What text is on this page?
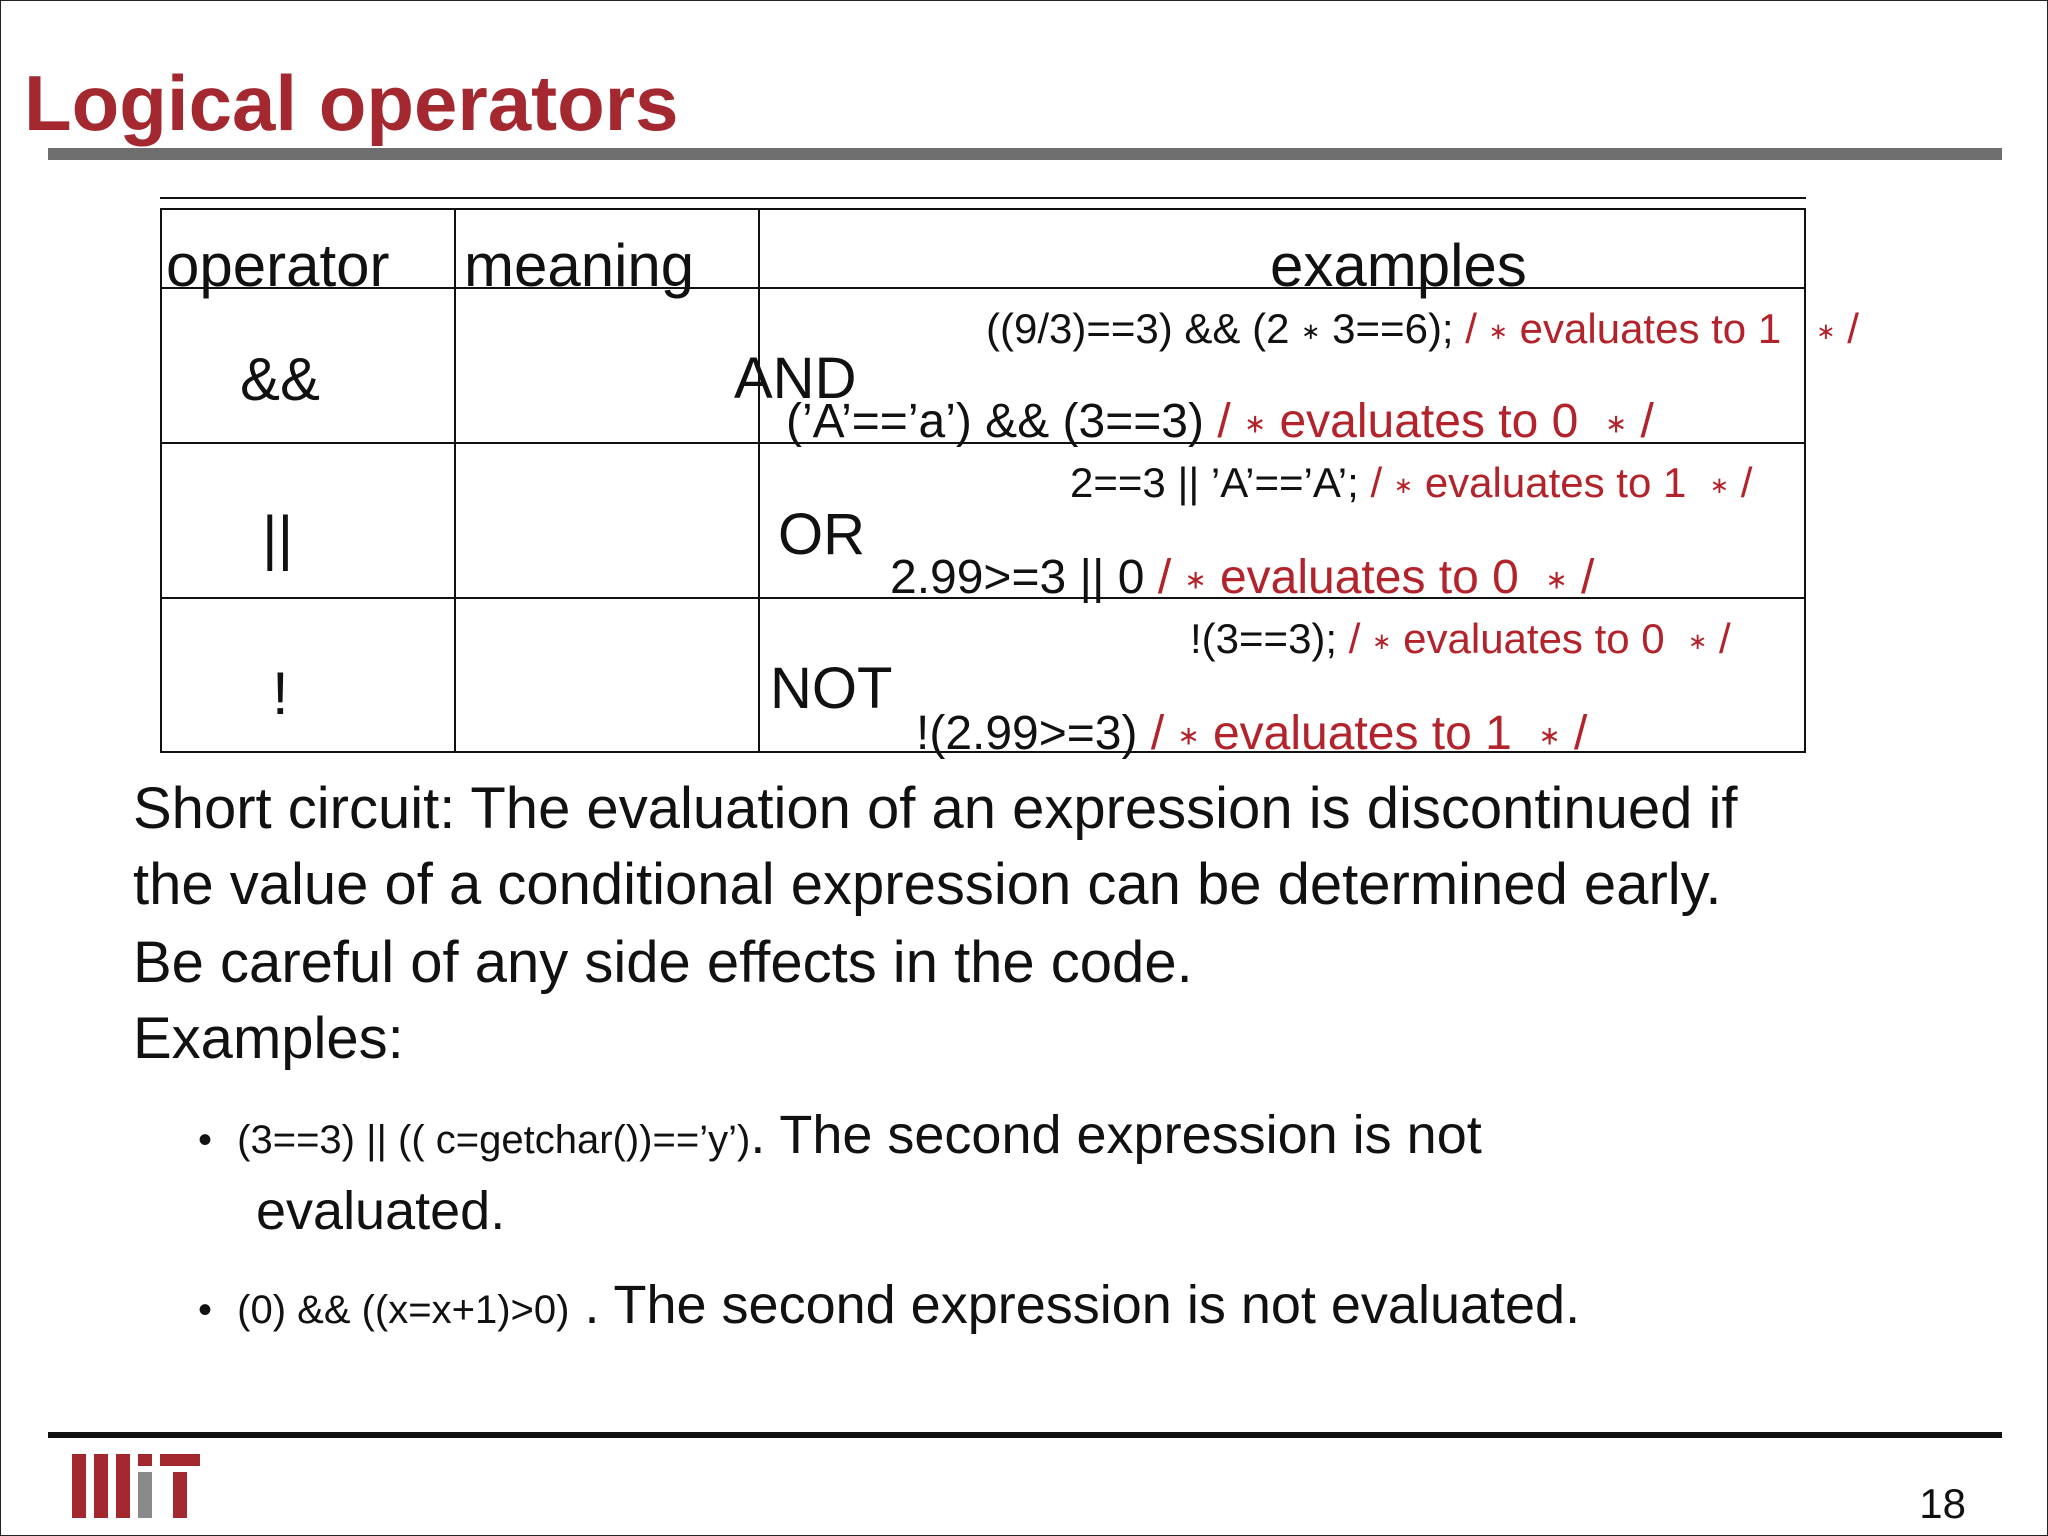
Logical operators
operator meaning	examples
&&	AND
((9/3)==3) && (2 ∗ 3==6); / ∗ evaluates to 1 ∗ /
(’A’==’a’) && (3==3) / ∗ evaluates to 0 ∗ /
||	OR
2==3 || ’A’==’A’; / ∗ evaluates to 1 ∗ /
2.99>=3 || 0 / ∗ evaluates to 0 ∗ /
!	NOT
!(3==3); / ∗ evaluates to 0 ∗ /
!(2.99>=3) / ∗ evaluates to 1 ∗ /
Short circuit: The evaluation of an expression is discontinued if
the value of a conditional expression can be determined early.
Be careful of any side effects in the code.
Examples:
• (3==3) || (( c=getchar())==’y’). The second expression is not
evaluated.
• (0) && ((x=x+1)>0) . The second expression is not evaluated.
18
